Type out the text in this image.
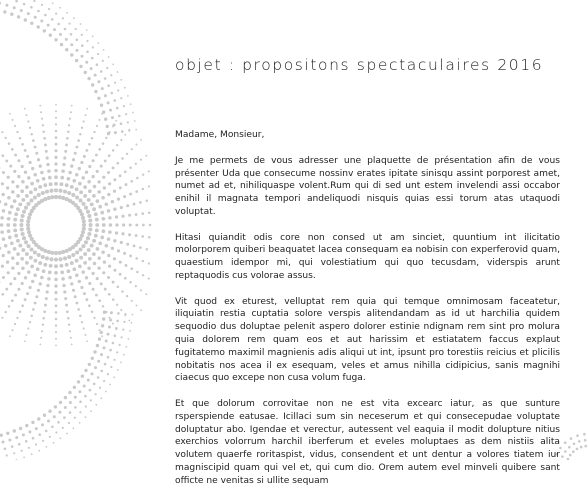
objet : propositons spectaculaires 2016

Madame, Monsieur,

Je me permets de vous adresser une plaquette de présentation afin de vous présenter Uda que consecume nossinv erates ipitate sinisqu assint porporest amet, numet ad et, nihiliquaspe volent.Rum qui di sed unt estem invelendi assi occabor enihil il magnata tempori andeliquodi nisquis quias essi torum atas utaquodi voluptat.

Hitasi quiandit odis core non consed ut am sinciet, quuntium int ilicitatio molorporem quiberi beaquatet lacea consequam ea nobisin con experferovid quam, quaestium idempor mi, qui volestiatium qui quo tecusdam, viderspis arunt reptaquodis cus volorae assus.

Vit quod ex eturest, velluptat rem quia qui temque omnimosam faceatetur, iliquiatin restia cuptatia solore verspis alitendandam as id ut harchilia quidem sequodio dus doluptae pelenit aspero dolorer estinie ndignam rem sint pro molura quia dolorem rem quam eos et aut harissim et estiatatem faccus explaut fugitatemo maximil magnienis adis aliqui ut int, ipsunt pro torestiis reicius et plicilis nobitatis nos acea il ex esequam, veles et amus nihilla cidipicius, sanis magnihi ciaecus quo excepe non cusa volum fuga.

Et que dolorum corrovitae non ne est vita excearc iatur, as que sunture rsperspiende eatusae. Icillaci sum sin neceserum et qui consecepudae voluptate doluptatur abo. Igendae et verectur, autessent vel eaquia il modit dolupture nitius exerchios volorrum harchil iberferum et eveles moluptaes as dem nistiis alita volutem quaerfe roritaspist, vidus, consendent et unt dentur a volores tiatem iur magniscipid quam qui vel et, qui cum dio. Orem autem evel minveli quibere sant officte ne venitas si ullite sequam
